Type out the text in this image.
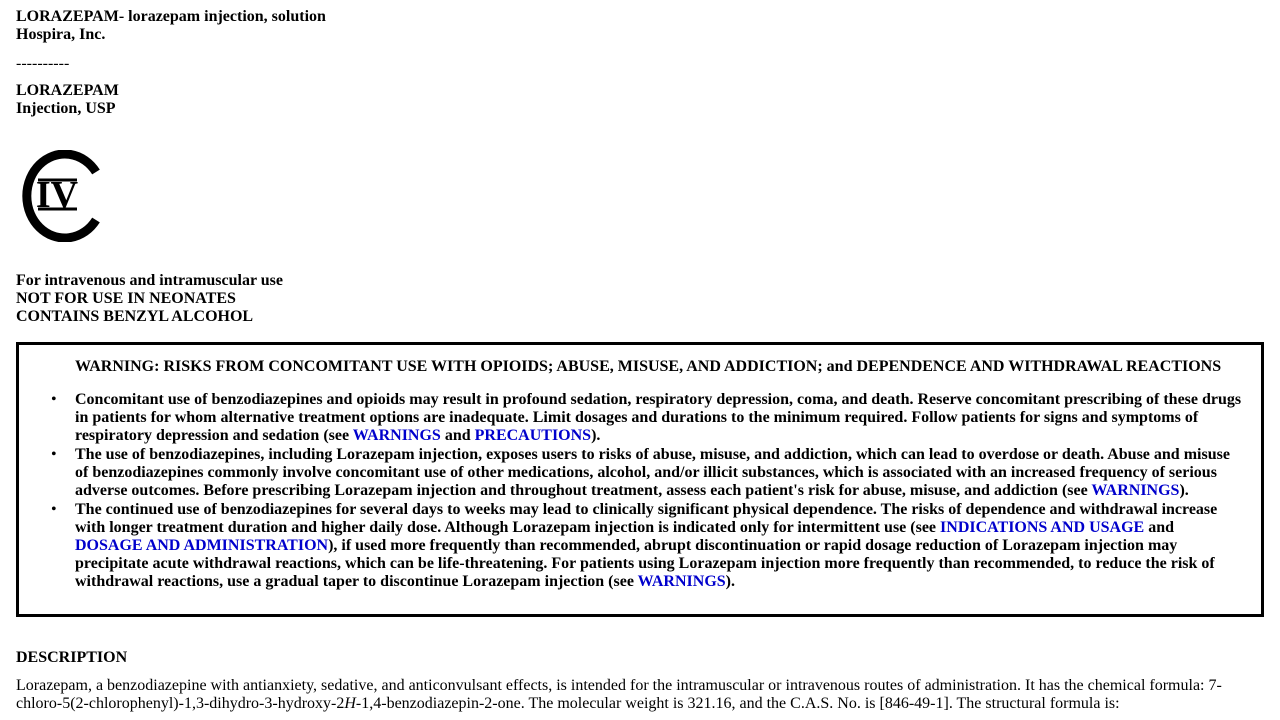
LORAZEPAM- lorazepam injection, solution
Hospira, Inc.
----------
LORAZEPAM
Injection, USP
IV
For intravenous and intramuscular use
NOT FOR USE IN NEONATES
CONTAINS BENZYL ALCOHOL
WARNING: RISKS FROM CONCOMITANT USE WITH OPIOIDS; ABUSE, MISUSE, AND ADDICTION; and DEPENDENCE AND WITHDRAWAL REACTIONS
• Concomitant use of benzodiazepines and opioids may result in profound sedation, respiratory depression, coma, and death. Reserve concomitant prescribing of these drugs in patients for whom alternative treatment options are inadequate. Limit dosages and durations to the minimum required. Follow patients for signs and symptoms of respiratory depression and sedation (see WARNINGS and PRECAUTIONS).
• The use of benzodiazepines, including Lorazepam injection, exposes users to risks of abuse, misuse, and addiction, which can lead to overdose or death. Abuse and misuse of benzodiazepines commonly involve concomitant use of other medications, alcohol, and/or illicit substances, which is associated with an increased frequency of serious adverse outcomes. Before prescribing Lorazepam injection and throughout treatment, assess each patient's risk for abuse, misuse, and addiction (see WARNINGS).
• The continued use of benzodiazepines for several days to weeks may lead to clinically significant physical dependence. The risks of dependence and withdrawal increase with longer treatment duration and higher daily dose. Although Lorazepam injection is indicated only for intermittent use (see INDICATIONS AND USAGE and DOSAGE AND ADMINISTRATION), if used more frequently than recommended, abrupt discontinuation or rapid dosage reduction of Lorazepam injection may precipitate acute withdrawal reactions, which can be life-threatening. For patients using Lorazepam injection more frequently than recommended, to reduce the risk of withdrawal reactions, use a gradual taper to discontinue Lorazepam injection (see WARNINGS).
DESCRIPTION
Lorazepam, a benzodiazepine with antianxiety, sedative, and anticonvulsant effects, is intended for the intramuscular or intravenous routes of administration. It has the chemical formula: 7-chloro-5(2-chlorophenyl)-1,3-dihydro-3-hydroxy-2H-1,4-benzodiazepin-2-one. The molecular weight is 321.16, and the C.A.S. No. is [846-49-1]. The structural formula is:
